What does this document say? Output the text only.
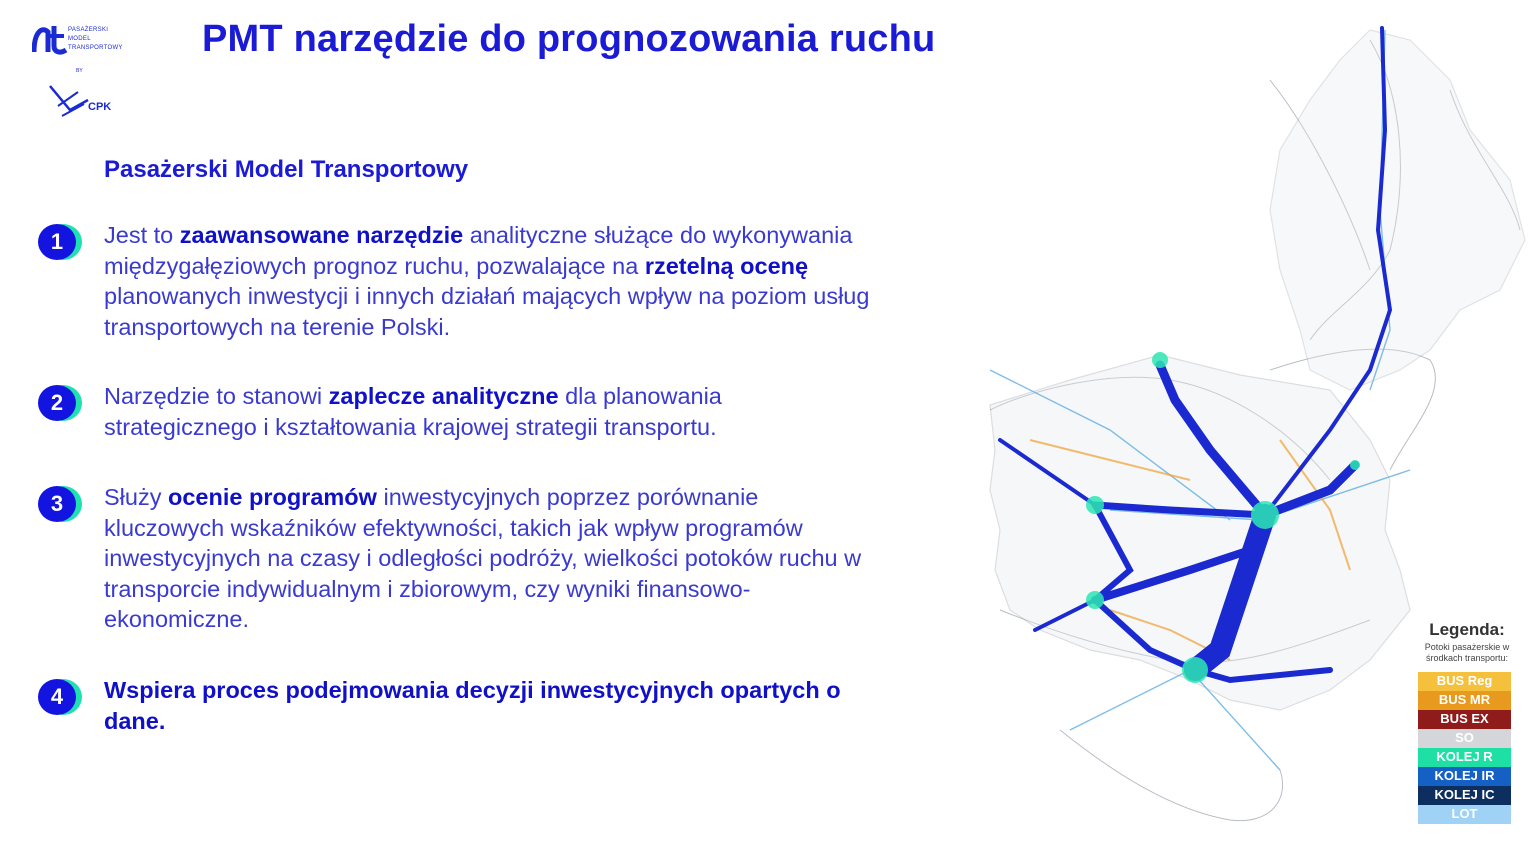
PASAŻERSKI
MODEL
TRANSPORTOWY
BY
CPK
PMT narzędzie do prognozowania ruchu
Pasażerski Model Transportowy
1	Jest to zaawansowane narzędzie analityczne służące do wykonywania międzygałęziowych prognoz ruchu, pozwalające na rzetelną ocenę planowanych inwestycji i innych działań mających wpływ na poziom usług transportowych na terenie Polski.
2	Narzędzie to stanowi zaplecze analityczne dla planowania strategicznego i kształtowania krajowej strategii transportu.
3	Służy ocenie programów inwestycyjnych poprzez porównanie kluczowych wskaźników efektywności, takich jak wpływ programów inwestycyjnych na czasy i odległości podróży, wielkości potoków ruchu w transporcie indywidualnym i zbiorowym, czy wyniki finansowo-ekonomiczne.
4	Wspiera proces podejmowania decyzji inwestycyjnych opartych o dane.
Legenda:
Potoki pasażerskie w środkach transportu:
BUS Reg
BUS MR
BUS EX
SO
KOLEJ R
KOLEJ IR
KOLEJ IC
LOT
